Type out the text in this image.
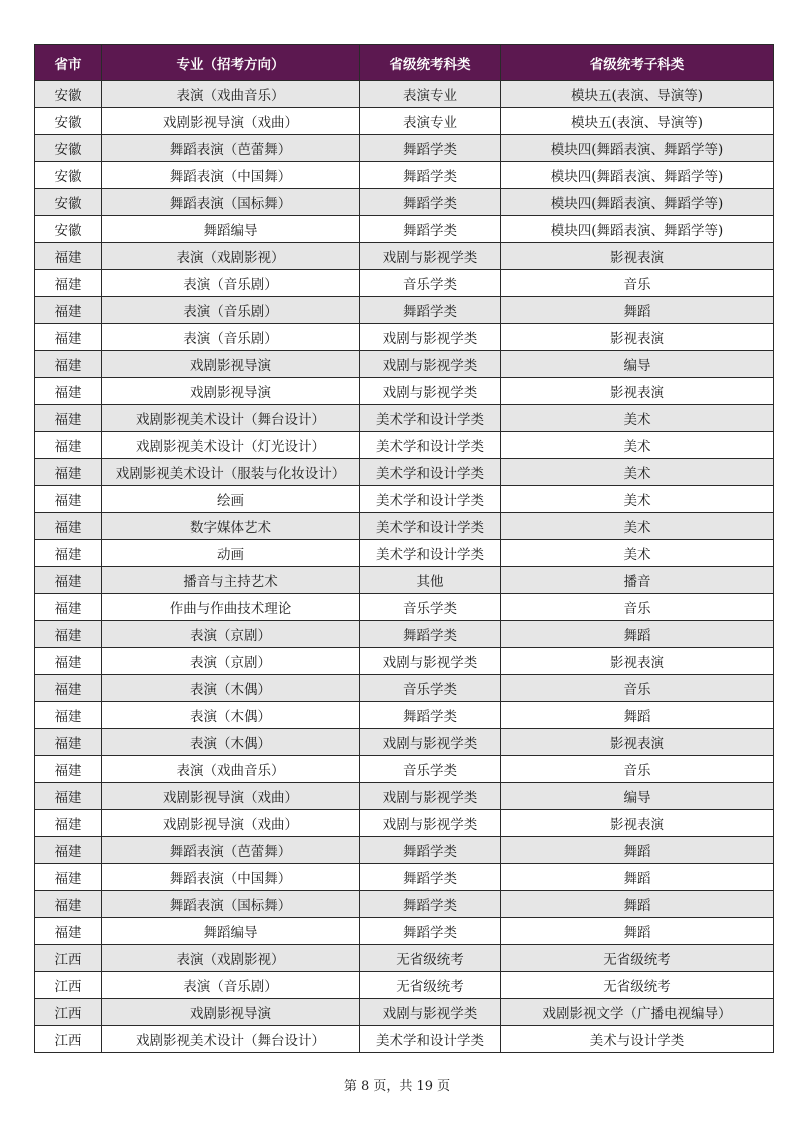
省市	专业（招考方向）	省级统考科类	省级统考子科类
安徽	表演（戏曲音乐）	表演专业	模块五(表演、导演等)
安徽	戏剧影视导演（戏曲）	表演专业	模块五(表演、导演等)
安徽	舞蹈表演（芭蕾舞）	舞蹈学类	模块四(舞蹈表演、舞蹈学等)
安徽	舞蹈表演（中国舞）	舞蹈学类	模块四(舞蹈表演、舞蹈学等)
安徽	舞蹈表演（国标舞）	舞蹈学类	模块四(舞蹈表演、舞蹈学等)
安徽	舞蹈编导	舞蹈学类	模块四(舞蹈表演、舞蹈学等)
福建	表演（戏剧影视）	戏剧与影视学类	影视表演
福建	表演（音乐剧）	音乐学类	音乐
福建	表演（音乐剧）	舞蹈学类	舞蹈
福建	表演（音乐剧）	戏剧与影视学类	影视表演
福建	戏剧影视导演	戏剧与影视学类	编导
福建	戏剧影视导演	戏剧与影视学类	影视表演
福建	戏剧影视美术设计（舞台设计）	美术学和设计学类	美术
福建	戏剧影视美术设计（灯光设计）	美术学和设计学类	美术
福建	戏剧影视美术设计（服装与化妆设计）	美术学和设计学类	美术
福建	绘画	美术学和设计学类	美术
福建	数字媒体艺术	美术学和设计学类	美术
福建	动画	美术学和设计学类	美术
福建	播音与主持艺术	其他	播音
福建	作曲与作曲技术理论	音乐学类	音乐
福建	表演（京剧）	舞蹈学类	舞蹈
福建	表演（京剧）	戏剧与影视学类	影视表演
福建	表演（木偶）	音乐学类	音乐
福建	表演（木偶）	舞蹈学类	舞蹈
福建	表演（木偶）	戏剧与影视学类	影视表演
福建	表演（戏曲音乐）	音乐学类	音乐
福建	戏剧影视导演（戏曲）	戏剧与影视学类	编导
福建	戏剧影视导演（戏曲）	戏剧与影视学类	影视表演
福建	舞蹈表演（芭蕾舞）	舞蹈学类	舞蹈
福建	舞蹈表演（中国舞）	舞蹈学类	舞蹈
福建	舞蹈表演（国标舞）	舞蹈学类	舞蹈
福建	舞蹈编导	舞蹈学类	舞蹈
江西	表演（戏剧影视）	无省级统考	无省级统考
江西	表演（音乐剧）	无省级统考	无省级统考
江西	戏剧影视导演	戏剧与影视学类	戏剧影视文学（广播电视编导）
江西	戏剧影视美术设计（舞台设计）	美术学和设计学类	美术与设计学类
第 8 页，共 19 页
